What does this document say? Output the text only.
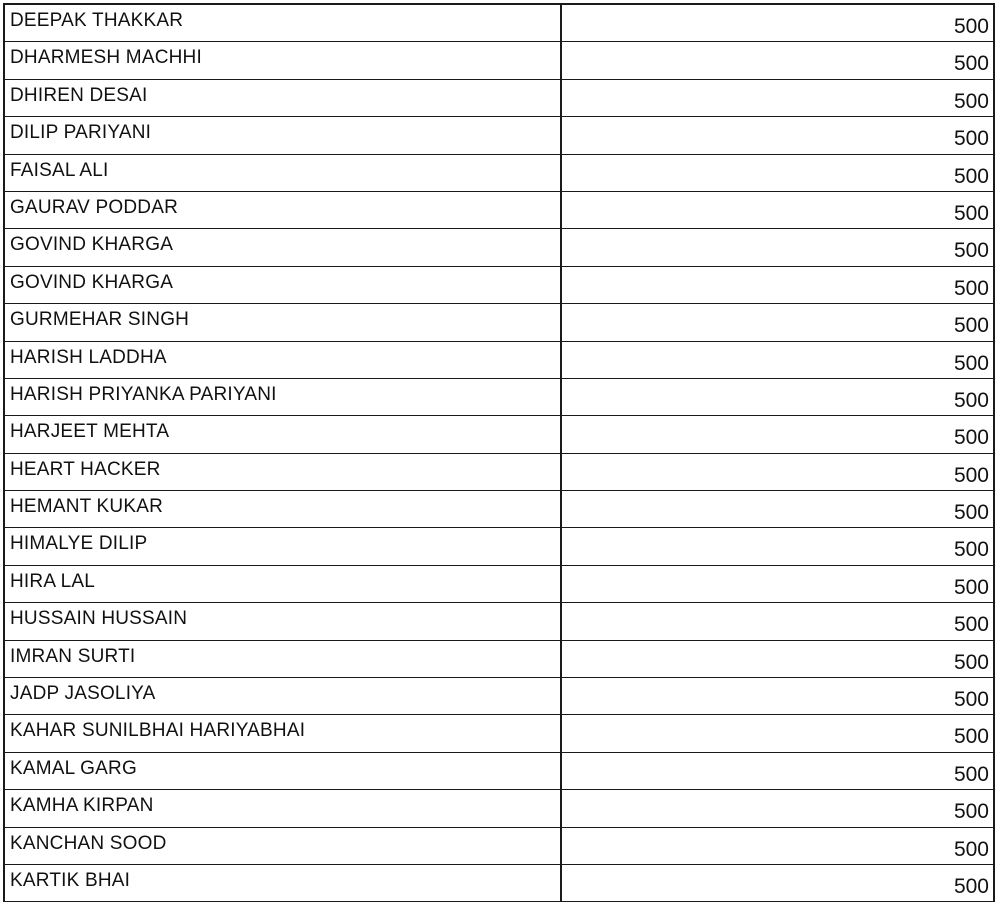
DEEPAK THAKKAR	500
DHARMESH MACHHI	500
DHIREN DESAI	500
DILIP PARIYANI	500
FAISAL ALI	500
GAURAV PODDAR	500
GOVIND KHARGA	500
GOVIND KHARGA	500
GURMEHAR SINGH	500
HARISH LADDHA	500
HARISH PRIYANKA PARIYANI	500
HARJEET MEHTA	500
HEART HACKER	500
HEMANT KUKAR	500
HIMALYE DILIP	500
HIRA LAL	500
HUSSAIN HUSSAIN	500
IMRAN SURTI	500
JADP JASOLIYA	500
KAHAR SUNILBHAI HARIYABHAI	500
KAMAL GARG	500
KAMHA KIRPAN	500
KANCHAN SOOD	500
KARTIK BHAI	500
